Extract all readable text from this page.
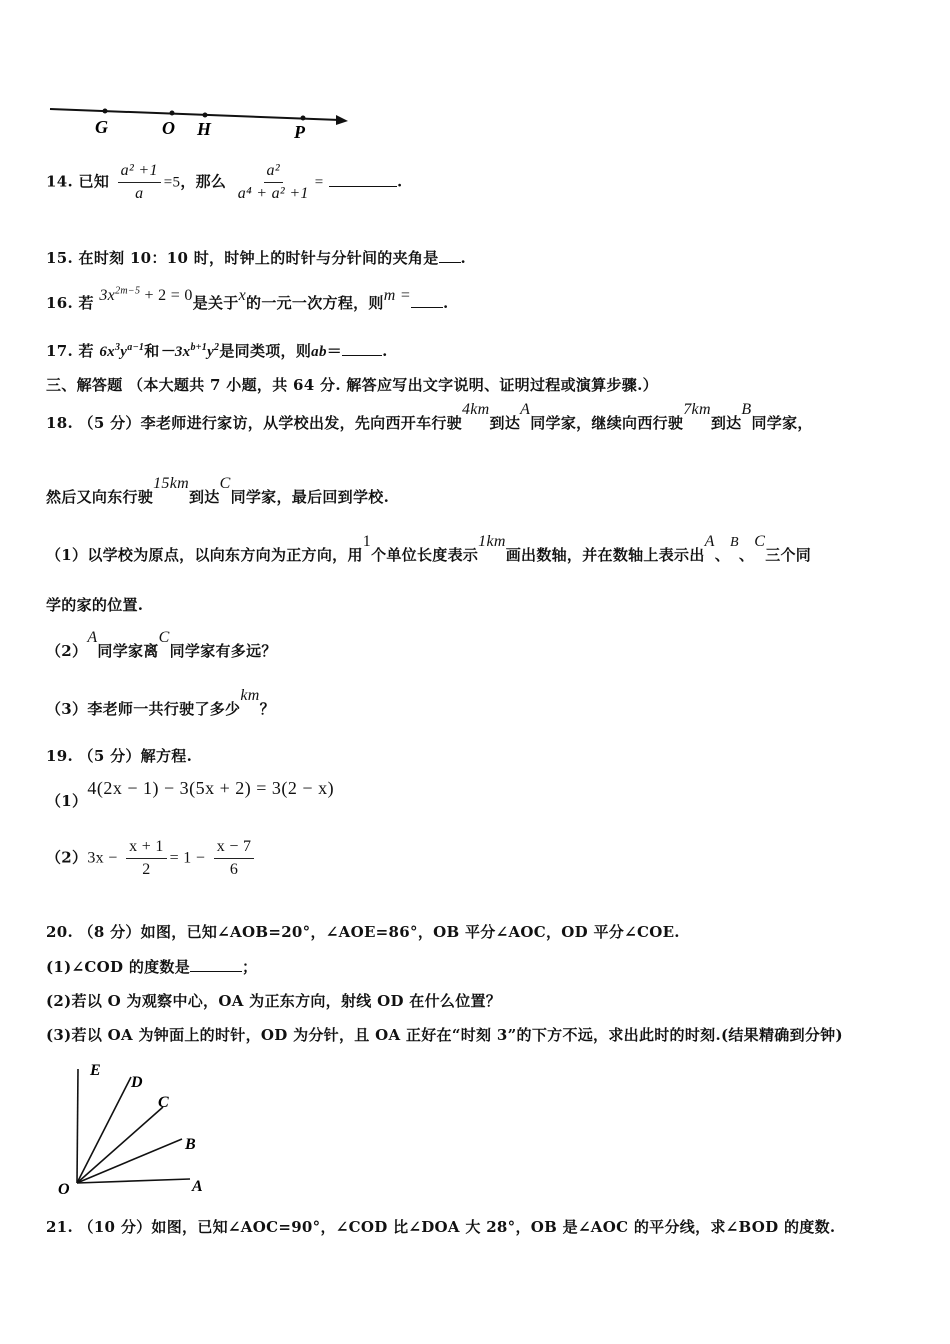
G	O H	P
14. 已知 $\frac{\text{a² +1}}{a} =5$，那么 $\frac{\text{a²}}{\text{a⁴ + a² +1}}$ =	.
15. 在时刻 10：10 时，时钟上的时针与分针间的夹角是 .
16. 若 $3x^{2m-5} + 2 = 0$是关于x的一元一次方程，则m = .
17. 若 $6x^3y^{a-1}$和$-3x^{b+1}y^2$是同类项，则ab＝	.
三、解答题 （本大题共 7 小题，共 64 分. 解答应写出文字说明、证明过程或演算步骤.）
18. （5 分）李老师进行家访，从学校出发，先向西开车行驶4km到达A同学家，继续向西行驶7km到达B同学家，
然后又向东行驶15km到达C同学家，最后回到学校.
（1）以学校为原点，以向东方向为正方向，用1个单位长度表示1km画出数轴，并在数轴上表示出A、B、C三个同
学的家的位置.
（2）A同学家离C同学家有多远？
（3）李老师一共行驶了多少km？
19. （5 分）解方程.
（1）4(2x − 1) − 3(5x + 2) = 3(2 − x)
$(2)3x - \frac{x + 1}{2} = 1 - \frac{x - 7}{6}$
20. （8 分）如图，已知∠AOB=20°，∠AOE=86°，OB 平分∠AOC，OD 平分∠COE.
(1)∠COD 的度数是	；
(2)若以 O 为观察中心，OA 为正东方向，射线 OD 在什么位置？
(3)若以 OA 为钟面上的时针，OD 为分针，且 OA 正好在“时刻 3”的下方不远，求出此时的时刻.(结果精确到分钟)
E
D
C
B
O	A
21. （10 分）如图，已知∠AOC=90°，∠COD 比∠DOA 大 28°，OB 是∠AOC 的平分线，求∠BOD 的度数.
